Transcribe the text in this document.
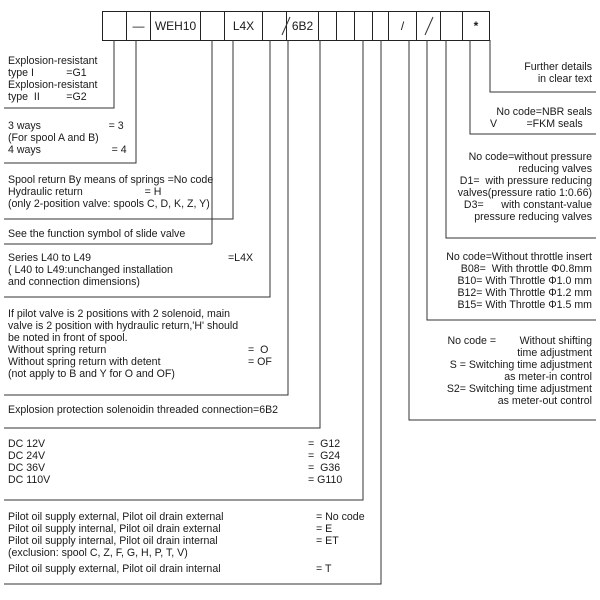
— WEH10	L4X	6B2	/	*
Explosion-resistant
type I           =G1
Explosion-resistant
type  II         =G2
3 ways                       = 3
(For spool A and B)
4 ways                        = 4
Spool return By means of springs =No code
Hydraulic return                     = H
(only 2-position valve: spools C, D, K, Z, Y)
See the function symbol of slide valve
Series L40 to L49	=L4X
( L40 to L49:unchanged installation
and connection dimensions)
If pilot valve is 2 positions with 2 solenoid, main
valve is 2 position with hydraulic return,'H' should
be noted in front of spool.
Without spring return	=  O
Without spring return with detent	= OF
(not apply to B and Y for O and OF)
Explosion protection solenoidin threaded connection=6B2
DC 12V	=  G12
DC 24V	=  G24
DC 36V	=  G36
DC 110V	= G110
Pilot oil supply external, Pilot oil drain external	= No code
Pilot oil supply internal, Pilot oil drain external	= E
Pilot oil supply internal, Pilot oil drain internal	= ET
(exclusion: spool C, Z, F, G, H, P, T, V)
Pilot oil supply external, Pilot oil drain internal	= T
Further details
in clear text
No code=NBR seals
V          =FKM seals
No code=without pressure
reducing valves
D1=  with pressure reducing
valves(pressure ratio 1:0.66)
D3=      with constant-value
pressure reducing valves
No code=Without throttle insert
B08=  With throttle Φ0.8mm
B10= With Throttle Φ1.0 mm
B12= With Throttle Φ1.2 mm
B15= With Throttle Φ1.5 mm
No code =        Without shifting
time adjustment
S = Switching time adjustment
as meter-in control
S2= Switching time adjustment
as meter-out control
